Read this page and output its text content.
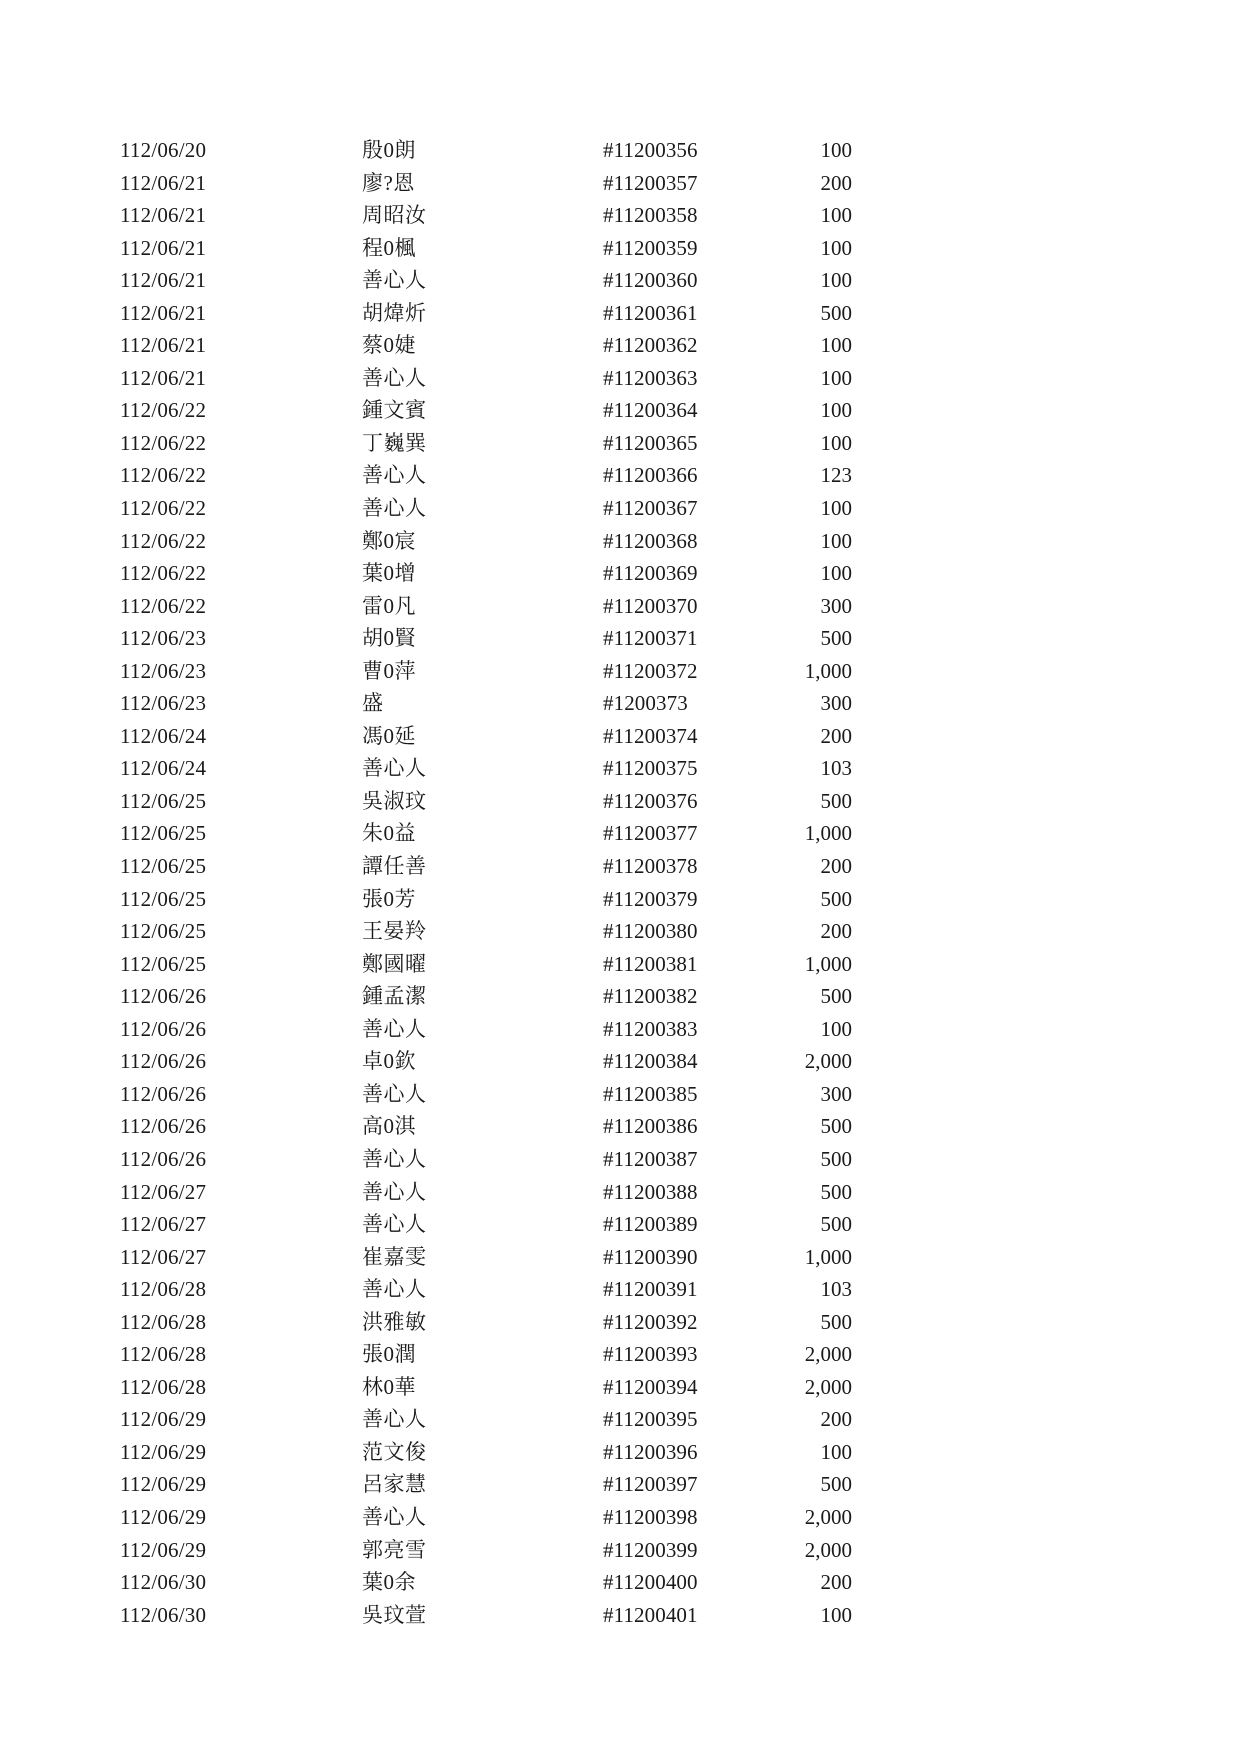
112/06/20	殷0朗	#11200356	100
112/06/21	廖?恩	#11200357	200
112/06/21	周昭汝	#11200358	100
112/06/21	程0楓	#11200359	100
112/06/21	善心人	#11200360	100
112/06/21	胡煒炘	#11200361	500
112/06/21	蔡0婕	#11200362	100
112/06/21	善心人	#11200363	100
112/06/22	鍾文賓	#11200364	100
112/06/22	丁巍巽	#11200365	100
112/06/22	善心人	#11200366	123
112/06/22	善心人	#11200367	100
112/06/22	鄭0宸	#11200368	100
112/06/22	葉0增	#11200369	100
112/06/22	雷0凡	#11200370	300
112/06/23	胡0賢	#11200371	500
112/06/23	曹0萍	#11200372	1,000
112/06/23	盛	#1200373	300
112/06/24	馮0延	#11200374	200
112/06/24	善心人	#11200375	103
112/06/25	吳淑玟	#11200376	500
112/06/25	朱0益	#11200377	1,000
112/06/25	譚任善	#11200378	200
112/06/25	張0芳	#11200379	500
112/06/25	王晏羚	#11200380	200
112/06/25	鄭國曜	#11200381	1,000
112/06/26	鍾孟潔	#11200382	500
112/06/26	善心人	#11200383	100
112/06/26	卓0欽	#11200384	2,000
112/06/26	善心人	#11200385	300
112/06/26	高0淇	#11200386	500
112/06/26	善心人	#11200387	500
112/06/27	善心人	#11200388	500
112/06/27	善心人	#11200389	500
112/06/27	崔嘉雯	#11200390	1,000
112/06/28	善心人	#11200391	103
112/06/28	洪雅敏	#11200392	500
112/06/28	張0潤	#11200393	2,000
112/06/28	林0華	#11200394	2,000
112/06/29	善心人	#11200395	200
112/06/29	范文俊	#11200396	100
112/06/29	呂家慧	#11200397	500
112/06/29	善心人	#11200398	2,000
112/06/29	郭亮雪	#11200399	2,000
112/06/30	葉0余	#11200400	200
112/06/30	吳玟萱	#11200401	100
